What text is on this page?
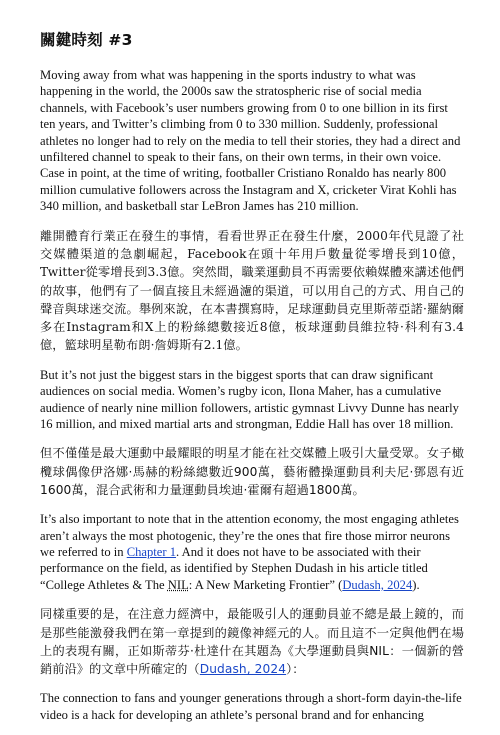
關鍵時刻 #3

Moving away from what was happening in the sports industry to what was happening in the world, the 2000s saw the stratospheric rise of social media channels, with Facebook’s user numbers growing from 0 to one billion in its first ten years, and Twitter’s climbing from 0 to 330 million. Suddenly, professional athletes no longer had to rely on the media to tell their stories, they had a direct and unfiltered channel to speak to their fans, on their own terms, in their own voice. Case in point, at the time of writing, footballer Cristiano Ronaldo has nearly 800 million cumulative followers across the Instagram and X, cricketer Virat Kohli has 340 million, and basketball star LeBron James has 210 million.

離開體育行業正在發生的事情，看看世界正在發生什麼，2000年代見證了社交媒體渠道的急劇崛起，Facebook在頭十年用戶數量從零增長到10億，Twitter從零增長到3.3億。突然間，職業運動員不再需要依賴媒體來講述他們的故事，他們有了一個直接且未經過濾的渠道，可以用自己的方式、用自己的聲音與球迷交流。舉例來說，在本書撰寫時，足球運動員克里斯蒂亞諾·羅納爾多在Instagram和X上的粉絲總數接近8億，板球運動員維拉特·科利有3.4億，籃球明星勒布朗·詹姆斯有2.1億。

But it’s not just the biggest stars in the biggest sports that can draw significant audiences on social media. Women’s rugby icon, Ilona Maher, has a cumulative audience of nearly nine million followers, artistic gymnast Livvy Dunne has nearly 16 million, and mixed martial arts and strongman, Eddie Hall has over 18 million.

但不僅僅是最大運動中最耀眼的明星才能在社交媒體上吸引大量受眾。女子橄欖球偶像伊洛娜·馬赫的粉絲總數近900萬，藝術體操運動員利夫尼·鄧恩有近1600萬，混合武術和力量運動員埃迪·霍爾有超過1800萬。

It’s also important to note that in the attention economy, the most engaging athletes aren’t always the most photogenic, they’re the ones that fire those mirror neurons we referred to in Chapter 1. And it does not have to be associated with their performance on the field, as identified by Stephen Dudash in his article titled “College Athletes & The NIL: A New Marketing Frontier” (Dudash, 2024).

同樣重要的是，在注意力經濟中，最能吸引人的運動員並不總是最上鏡的，而是那些能激發我們在第一章提到的鏡像神經元的人。而且這不一定與他們在場上的表現有關，正如斯蒂芬·杜達什在其題為《大學運動員與NIL：一個新的營銷前沿》的文章中所確定的（Dudash, 2024）：

The connection to fans and younger generations through a short-form dayin-the-life video is a hack for developing an athlete’s personal brand and for enhancing
